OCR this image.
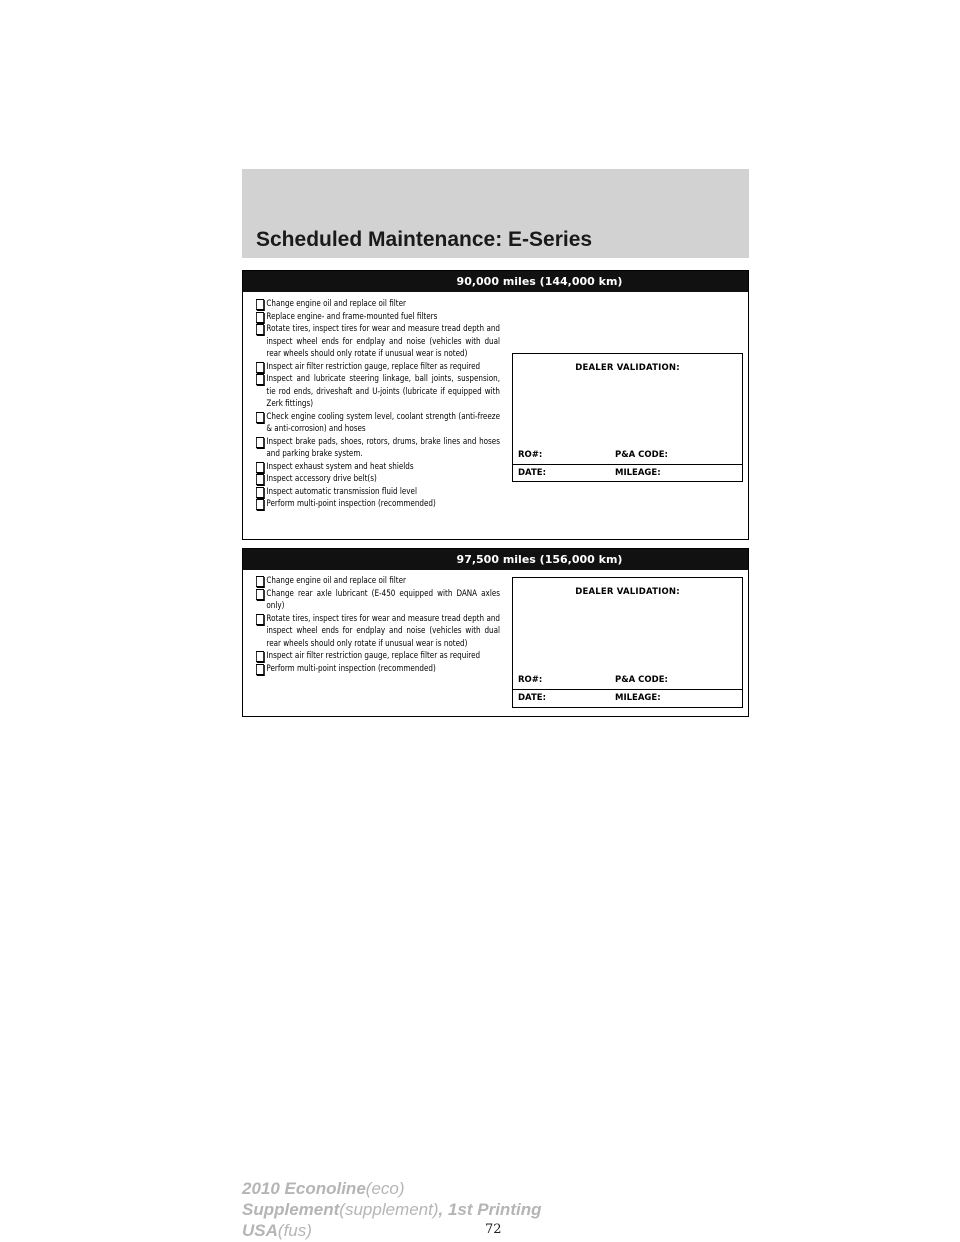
Scheduled Maintenance: E-Series
90,000 miles (144,000 km)
Change engine oil and replace oil filter
Replace engine- and frame-mounted fuel filters
Rotate tires, inspect tires for wear and measure tread depth and inspect wheel ends for endplay and noise (vehicles with dual rear wheels should only rotate if unusual wear is noted)
Inspect air filter restriction gauge, replace filter as required
Inspect and lubricate steering linkage, ball joints, suspension, tie rod ends, driveshaft and U-joints (lubricate if equipped with Zerk fittings)
Check engine cooling system level, coolant strength (anti-freeze & anti-corrosion) and hoses
Inspect brake pads, shoes, rotors, drums, brake lines and hoses and parking brake system.
Inspect exhaust system and heat shields
Inspect accessory drive belt(s)
Inspect automatic transmission fluid level
Perform multi-point inspection (recommended)
DEALER VALIDATION:
RO#:	P&A CODE:
DATE:	MILEAGE:
97,500 miles (156,000 km)
Change engine oil and replace oil filter
Change rear axle lubricant (E-450 equipped with DANA axles only)
Rotate tires, inspect tires for wear and measure tread depth and inspect wheel ends for endplay and noise (vehicles with dual rear wheels should only rotate if unusual wear is noted)
Inspect air filter restriction gauge, replace filter as required
Perform multi-point inspection (recommended)
DEALER VALIDATION:
RO#:	P&A CODE:
DATE:	MILEAGE:
72
2010 Econoline(eco)
Supplement(supplement), 1st Printing
USA(fus)
